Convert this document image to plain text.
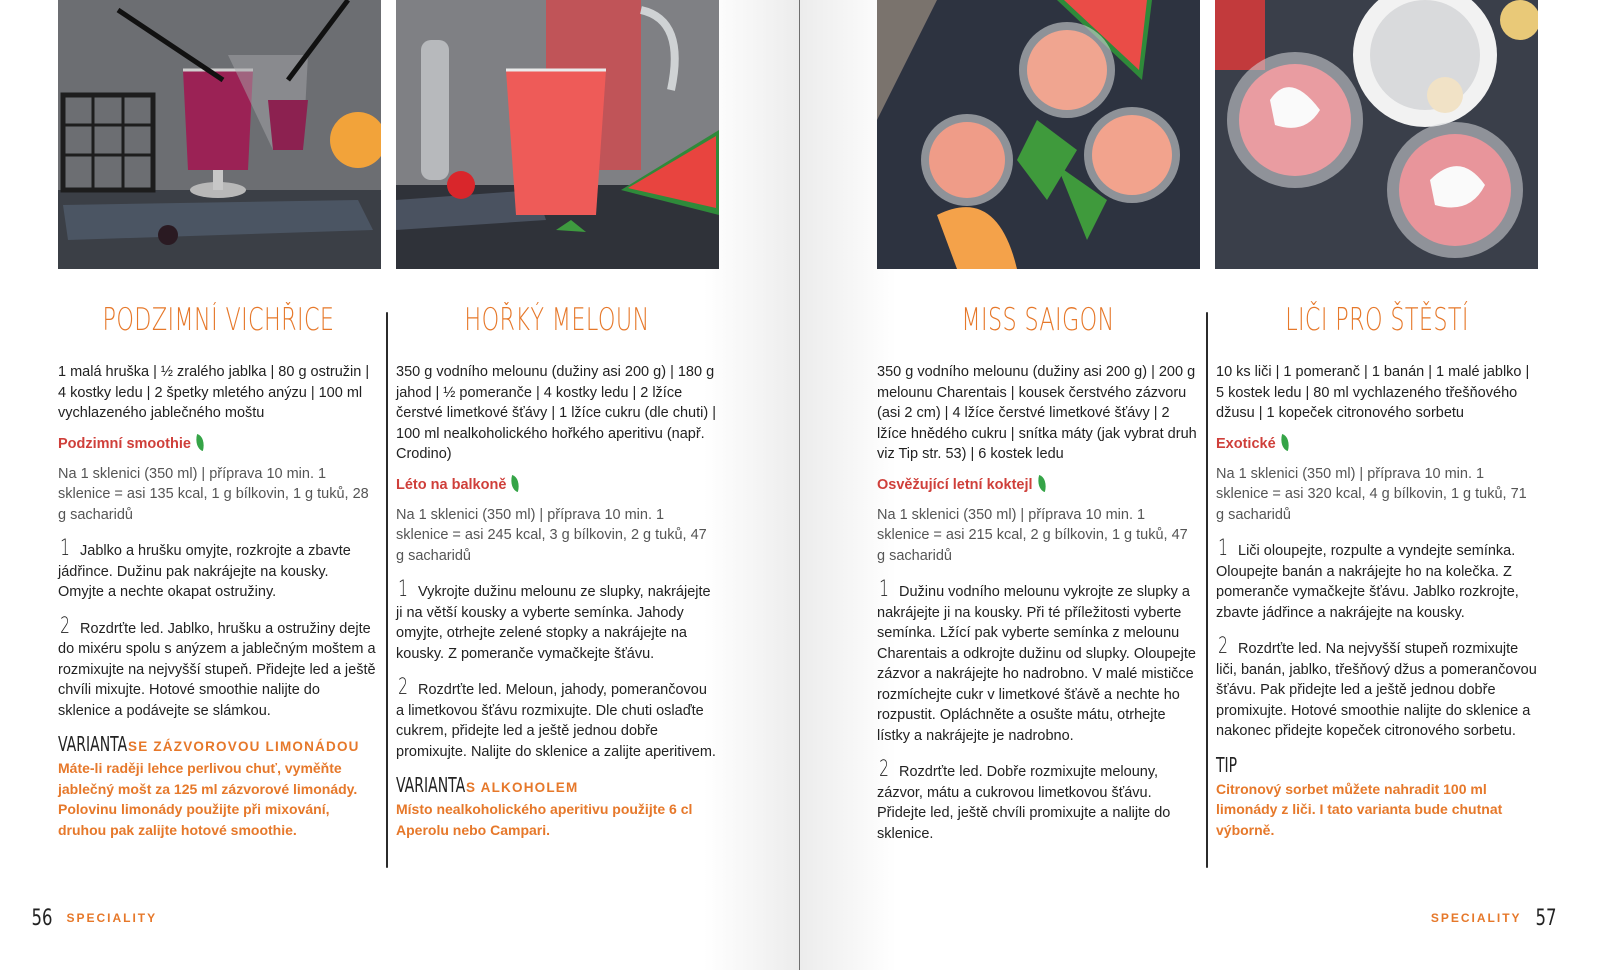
PODZIMNÍ VICHŘICE

1 malá hruška | ½ zralého jablka | 80 g ostružin | 4 kostky ledu | 2 špetky mletého anýzu | 100 ml vychlazeného jablečného moštu

Podzimní smoothie
Na 1 sklenici (350 ml) | příprava 10 min. 1 sklenice = asi 135 kcal, 1 g bílkovin, 1 g tuků, 28 g sacharidů
1 Jablko a hrušku omyjte, rozkrojte a zbavte jádřince. Dužinu pak nakrájejte na kousky. Omyjte a nechte okapat ostružiny.
2 Rozdrťte led. Jablko, hrušku a ostružiny dejte do mixéru spolu s anýzem a jablečným moštem a rozmixujte na nejvyšší stupeň. Přidejte led a ještě chvíli mixujte. Hotové smoothie nalijte do sklenice a podávejte se slámkou.
VARIANTASE ZÁZVOROVOU LIMONÁDOU
Máte-li raději lehce perlivou chuť, vyměňte jablečný mošt za 125 ml zázvorové limonády. Polovinu limonády použijte při mixování, druhou pak zalijte hotové smoothie.
HOŘKÝ MELOUN

350 g vodního melounu (dužiny asi 200 g) | 180 g jahod | ½ pomeranče | 4 kostky ledu | 2 lžíce čerstvé limetkové šťávy | 1 lžíce cukru (dle chuti) | 100 ml nealkoholického hořkého aperitivu (např. Crodino)

Léto na balkoně
Na 1 sklenici (350 ml) | příprava 10 min. 1 sklenice = asi 245 kcal, 3 g bílkovin, 2 g tuků, 47 g sacharidů
1 Vykrojte dužinu melounu ze slupky, nakrájejte ji na větší kousky a vyberte semínka. Jahody omyjte, otrhejte zelené stopky a nakrájejte na kousky. Z pomeranče vymačkejte šťávu.
2 Rozdrťte led. Meloun, jahody, pomerančovou a limetkovou šťávu rozmixujte. Dle chuti oslaďte cukrem, přidejte led a ještě jednou dobře promixujte. Nalijte do sklenice a zalijte aperitivem.
VARIANTAS ALKOHOLEM
Místo nealkoholického aperitivu použijte 6 cl Aperolu nebo Campari.
56 SPECIALITY
MISS SAIGON

350 g vodního melounu (dužiny asi 200 g) | 200 g melounu Charentais | kousek čerstvého zázvoru (asi 2 cm) | 4 lžíce čerstvé limetkové šťávy | 2 lžíce hnědého cukru | snítka máty (jak vybrat druh viz Tip str. 53) | 6 kostek ledu

Osvěžující letní koktejl
Na 1 sklenici (350 ml) | příprava 10 min. 1 sklenice = asi 215 kcal, 2 g bílkovin, 1 g tuků, 47 g sacharidů
1 Dužinu vodního melounu vykrojte ze slupky a nakrájejte ji na kousky. Při té příležitosti vyberte semínka. Lžící pak vyberte semínka z melounu Charentais a odkrojte dužinu od slupky. Oloupejte zázvor a nakrájejte ho nadrobno. V malé mističce rozmíchejte cukr v limetkové šťávě a nechte ho rozpustit. Opláchněte a osušte mátu, otrhejte lístky a nakrájejte je nadrobno.
2 Rozdrťte led. Dobře rozmixujte melouny, zázvor, mátu a cukrovou limetkovou šťávu. Přidejte led, ještě chvíli promixujte a nalijte do sklenice.
LIČI PRO ŠTĚSTÍ

10 ks liči | 1 pomeranč | 1 banán | 1 malé jablko | 5 kostek ledu | 80 ml vychlazeného třešňového džusu | 1 kopeček citronového sorbetu

Exotické
Na 1 sklenici (350 ml) | příprava 10 min. 1 sklenice = asi 320 kcal, 4 g bílkovin, 1 g tuků, 71 g sacharidů
1 Liči oloupejte, rozpulte a vyndejte semínka. Oloupejte banán a nakrájejte ho na kolečka. Z pomeranče vymačkejte šťávu. Jablko rozkrojte, zbavte jádřince a nakrájejte na kousky.
2 Rozdrťte led. Na nejvyšší stupeň rozmixujte liči, banán, jablko, třešňový džus a pomerančovou šťávu. Pak přidejte led a ještě jednou dobře promixujte. Hotové smoothie nalijte do sklenice a nakonec přidejte kopeček citronového sorbetu.
TIP
Citronový sorbet můžete nahradit 100 ml limonády z liči. I tato varianta bude chutnat výborně.
SPECIALITY 57
